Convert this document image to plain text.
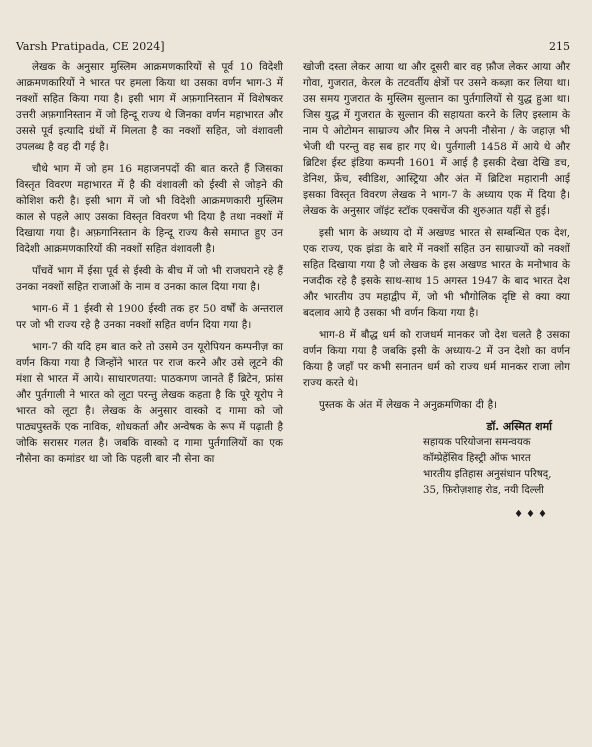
Varsh Pratipada, CE 2024]	215

लेखक के अनुसार मुस्लिम आक्रमणकारियों से पूर्व 10 विदेशी आक्रमणकारियों ने भारत पर हमला किया था उसका वर्णन भाग-3 में नक्शों सहित किया गया है। इसी भाग में अफ़गानिस्तान में विशेषकर उत्तरी अफ़गानिस्तान में जो हिन्दू राज्य थे जिनका वर्णन महाभारत और उससे पूर्व इत्यादि ग्रंथों में मिलता है का नक्शों सहित, जो वंशावली उपलब्ध है वह दी गई है।

चौथे भाग में जो हम 16 महाजनपदों की बात करते हैं जिसका विस्तृत विवरण महाभारत में है की वंशावली को ईस्वी से जोड़ने की कोशिश करी है। इसी भाग में जो भी विदेशी आक्रमणकारी मुस्लिम काल से पहले आए उसका विस्तृत विवरण भी दिया है तथा नक्शों में दिखाया गया है। अफ़गानिस्तान के हिन्दू राज्य कैसे समाप्त हुए उन विदेशी आक्रमणकारियों की नक्शों सहित वंशावली है।

पाँचवें भाग में ईसा पूर्व से ईस्वी के बीच में जो भी राजघराने रहे हैं उनका नक्शों सहित राजाओं के नाम व उनका काल दिया गया है।

भाग-6 में 1 ईस्वी से 1900 ईस्वी तक हर 50 वर्षों के अन्तराल पर जो भी राज्य रहे है उनका नक्शों सहित वर्णन दिया गया है।

भाग-7 की यदि हम बात करे तो उसमे उन यूरोपियन कम्पनीज़ का वर्णन किया गया है जिन्होंने भारत पर राज करने और उसे लूटने की मंशा से भारत में आये। साधारणतया: पाठकगण जानते हैं ब्रिटेन, फ्रांस और पुर्तगाली ने भारत को लूटा परन्तु लेखक कहता है कि पूरे यूरोप ने भारत को लूटा है। लेखक के अनुसार वास्को द गामा को जो पाठ्यपुस्तकें एक नाविक, शोधकर्ता और अन्वेषक के रूप में पढ़ाती है जोकि सरासर गलत है। जबकि वास्को द गामा पुर्तगालियों का एक नौसेना का कमांडर था जो कि पहली बार नौ सेना का

खोजी दस्ता लेकर आया था और दूसरी बार वह फ़ौज लेकर आया और गोवा, गुजरात, केरल के तटवर्तीय क्षेत्रों पर उसने कब्ज़ा कर लिया था। उस समय गुजरात के मुस्लिम सुल्तान का पुर्तगालियों से युद्ध हुआ था। जिस युद्ध में गुजरात के सुल्तान की सहायता करने के लिए इस्लाम के नाम पे ओटोमन साम्राज्य और मिस्र ने अपनी नौसेना / के जहाज़ भी भेजी थी परन्तु वह सब हार गए थे। पुर्तगाली 1458 में आये थे और ब्रिटिश ईस्ट इंडिया कम्पनी 1601 में आई है इसकी देखा देखि डच, डेनिश, फ्रेंच, स्वीडिश, आस्ट्रिया और अंत में ब्रिटिश महारानी आई इसका विस्तृत विवरण लेखक ने भाग-7 के अध्याय एक में दिया है। लेखक के अनुसार जॉइंट स्टॉक एक्सचेंज की शुरुआत यहीं से हुई।

इसी भाग के अध्याय दो में अखण्ड भारत से सम्बन्धित एक देश, एक राज्य, एक झंडा के बारे में नक्शों सहित उन साम्राज्यों को नक्शों सहित दिखाया गया है जो लेखक के इस अखण्ड भारत के मनोभाव के नजदीक रहे है इसके साथ-साथ 15 अगस्त 1947 के बाद भारत देश और भारतीय उप महाद्वीप में, जो भी भौगोलिक दृष्टि से क्या क्या बदलाव आये है उसका भी वर्णन किया गया है।

भाग-8 में बौद्ध धर्म को राजधर्म मानकर जो देश चलते है उसका वर्णन किया गया है जबकि इसी के अध्याय-2 में उन देशो का वर्णन किया है जहाँ पर कभी सनातन धर्म को राज्य धर्म मानकर राजा लोग राज्य करते थे।

पुस्तक के अंत में लेखक ने अनुक्रमणिका दी है।

डॉ. अस्मित शर्मा
सहायक परियोजना समन्वयक
कॉम्प्रेहेंसिव हिस्ट्री ऑफ भारत
भारतीय इतिहास अनुसंधान परिषद्,
35, फ़िरोज़शाह रोड, नयी दिल्ली
♦♦♦
